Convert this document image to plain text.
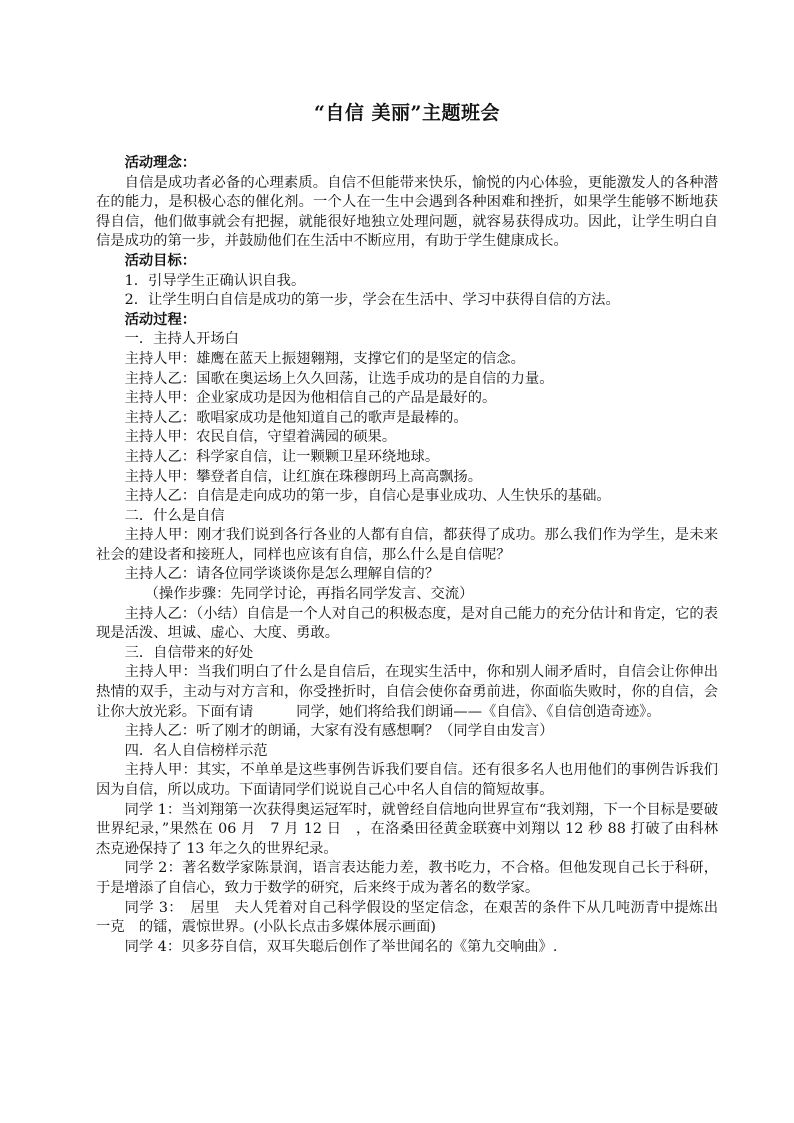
“自信 美丽”主题班会

活动理念：

自信是成功者必备的心理素质。自信不但能带来快乐，愉悦的内心体验，更能激发人的各种潜在的能力，是积极心态的催化剂。一个人在一生中会遇到各种困难和挫折，如果学生能够不断地获得自信，他们做事就会有把握，就能很好地独立处理问题，就容易获得成功。因此，让学生明白自信是成功的第一步，并鼓励他们在生活中不断应用，有助于学生健康成长。

活动目标：

1．引导学生正确认识自我。

2．让学生明白自信是成功的第一步，学会在生活中、学习中获得自信的方法。

活动过程：

一．主持人开场白

主持人甲：雄鹰在蓝天上振翅翱翔，支撑它们的是坚定的信念。

主持人乙：国歌在奥运场上久久回荡，让选手成功的是自信的力量。

主持人甲：企业家成功是因为他相信自己的产品是最好的。

主持人乙：歌唱家成功是他知道自己的歌声是最棒的。

主持人甲：农民自信，守望着满园的硕果。

主持人乙：科学家自信，让一颗颗卫星环绕地球。

主持人甲：攀登者自信，让红旗在珠穆朗玛上高高飘扬。

主持人乙：自信是走向成功的第一步，自信心是事业成功、人生快乐的基础。

二．什么是自信

主持人甲：刚才我们说到各行各业的人都有自信，都获得了成功。那么我们作为学生，是未来社会的建设者和接班人，同样也应该有自信，那么什么是自信呢？

主持人乙：请各位同学谈谈你是怎么理解自信的？

（操作步骤：先同学讨论，再指名同学发言、交流）

主持人乙：（小结）自信是一个人对自己的积极态度，是对自己能力的充分估计和肯定，它的表现是活泼、坦诚、虚心、大度、勇敢。

三．自信带来的好处

主持人甲：当我们明白了什么是自信后，在现实生活中，你和别人闹矛盾时，自信会让你伸出热情的双手，主动与对方言和，你受挫折时，自信会使你奋勇前进，你面临失败时，你的自信，会让你大放光彩。下面有请　　　同学，她们将给我们朗诵——《自信》、《自信创造奇迹》。

主持人乙：听了刚才的朗诵，大家有没有感想啊？（同学自由发言）

四．名人自信榜样示范

主持人甲：其实，不单单是这些事例告诉我们要自信。还有很多名人也用他们的事例告诉我们因为自信，所以成功。下面请同学们说说自己心中名人自信的简短故事。

同学 1：当刘翔第一次获得奥运冠军时，就曾经自信地向世界宣布“我刘翔，下一个目标是要破世界纪录，”果然在 06 月　7 月 12 日　，在洛桑田径黄金联赛中刘翔以 12 秒 88 打破了由科林杰克逊保持了 13 年之久的世界纪录。

同学 2：著名数学家陈景润，语言表达能力差，教书吃力，不合格。但他发现自己长于科研，于是增添了自信心，致力于数学的研究，后来终于成为著名的数学家。

同学 3：　居里　夫人凭着对自己科学假设的坚定信念，在艰苦的条件下从几吨沥青中提炼出　一克　的镭，震惊世界。(小队长点击多媒体展示画面)

同学 4：贝多芬自信，双耳失聪后创作了举世闻名的《第九交响曲》.
